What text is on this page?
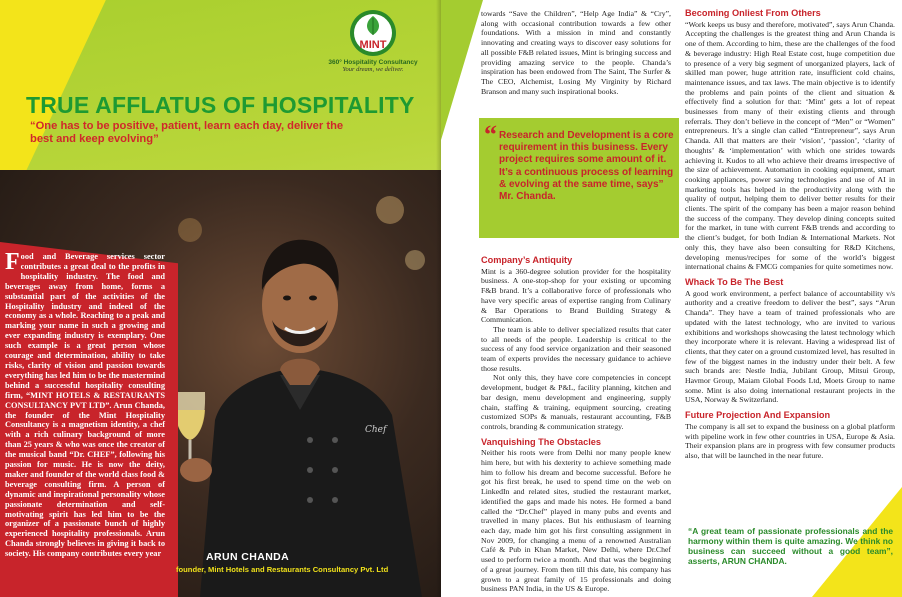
MINT
360° Hospitality Consultancy
Your dream, we deliver.
TRUE AFFLATUS OF HOSPITALITY
“One has to be positive, patient, learn each day, deliver the best and keep evolving”
Chef
Food and Beverage services sector contributes a great deal to the profits in hospitality industry. The food and beverages away from home, forms a substantial part of the activities of the Hospitality industry and indeed of the economy as a whole. Reaching to a peak and marking your name in such a growing and ever expanding industry is exemplary. One such example is a great person whose courage and determination, ability to take risks, clarity of vision and passion towards everything has led him to be the mastermind behind a successful hospitality consulting firm, “MINT HOTELS & RESTAURANTS CONSULTANCY PVT LTD”. Arun Chanda, the founder of the Mint Hospitality Consultancy is a magnetism identity, a chef with a rich culinary background of more than 25 years & who was once the creator of the musical band “Dr. CHEF”, following his passion for music. He is now the deity, maker and founder of the world class food & beverage consulting firm. A person of dynamic and inspirational personality whose passionate determination and self-motivating spirit has led him to be the organizer of a passionate bunch of highly experienced hospitality professionals. Arun Chanda strongly believes in giving it back to society. His company contributes every year	ARUN CHANDA
founder, Mint Hotels and Restaurants Consultancy Pvt. Ltd

towards “Save the Children”, “Help Age India” & “Cry”, along with occasional contribution towards a few other foundations. With a mission in mind and constantly innovating and creating ways to discover easy solutions for all possible F&B related issues, Mint is bringing success and providing amazing service to the people. Chanda’s inspiration has been endowed from The Saint, The Surfer & The CEO, Alchemist, Losing My Virginity by Richard Branson and many such inspirational books.

“ Research and Development is a core requirement in this business. Every project requires some amount of it. It’s a continuous process of learning & evolving at the same time, says” Mr. Chanda.
Company’s Antiquity

Mint is a 360-degree solution provider for the hospitality business. A one-stop-shop for your existing or upcoming F&B brand. It’s a collaborative force of professionals who have very specific areas of expertise ranging from Culinary & Bar Operations to Brand Building Strategy & Communication.

The team is able to deliver specialized results that cater to all needs of the people. Leadership is critical to the success of any food service organization and their seasoned team of experts provides the necessary guidance to achieve those results.

Not only this, they have core competencies in concept development, budget & P&L, facility planning, kitchen and bar design, menu development and engineering, supply chain, staffing & training, equipment sourcing, creating customized SOPs & manuals, restaurant accounting, F&B controls, branding & communication strategy.

Vanquishing The Obstacles

Neither his roots were from Delhi nor many people knew him here, but with his dexterity to achieve something made him to follow his dream and become successful. Before he got his first break, he used to spend time on the web on LinkedIn and related sites, studied the restaurant market, identified the gaps and made his notes. He formed a band called the “Dr.Chef” played in many pubs and events and travelled in many places. But his enthusiasm of learning each day, made him got his first consulting assignment in Nov 2009, for changing a menu of a renowned Australian Café & Pub in Khan Market, New Delhi, where Dr.Chef used to perform twice a month. And that was the beginning of a great journey. From then till this date, his company has grown to a great family of 15 professionals and doing business PAN India, in the US & Europe.

Becoming Onliest From Others

“Work keeps us busy and therefore, motivated”, says Arun Chanda. Accepting the challenges is the greatest thing and Arun Chanda is one of them. According to him, these are the challenges of the food & beverage industry: High Real Estate cost, huge competition due to presence of a very big segment of unorganized players, lack of skilled man power, huge attrition rate, insufficient cold chains, maintenance issues, and tax laws. The main objective is to identify the problems and pain points of the client and situation & effectively find a solution for that: ‘Mint’ gets a lot of repeat businesses from many of their existing clients and through referrals. They don’t believe in the concept of “Men” or “Women” entrepreneurs. It’s a single clan called “Entrepreneur”, says Arun Chanda. All that matters are their ‘vision’, ‘passion’, ‘clarity of thoughts’ & ‘implementation’ with which one strides towards achieving it. Kudos to all who achieve their dreams irrespective of the size of achievement. Automation in cooking equipment, smart cooking appliances, power saving technologies and use of AI in marketing tools has helped in the productivity along with the quality of output, helping them to deliver better results for their clients. The spirit of the company has been a major reason behind the success of the company. They develop dining concepts suited for the market, in tune with current F&B trends and according to the client’s budget, for both Indian & International Markets. Not only this, they have also been consulting for R&D Kitchens, developing menus/recipes for some of the world’s biggest international chains & FMCG companies for quite sometimes now.

Whack To Be The Best

A good work environment, a perfect balance of accountability v/s authority and a creative freedom to deliver the best”, says “Arun Chanda”. They have a team of trained professionals who are updated with the latest technology, who are invited to various exhibitions and workshops showcasing the latest technology which they incorporate where it is relevant. Having a widespread list of clients, that they cater on a ground customized level, has resulted in few of the biggest names in the industry under their belt. A few such brands are: Nestle India, Jubilant Group, Mitsui Group, Havmor Group, Maiam Global Foods Ltd, Moets Group to name some. Mint is also doing international restaurant projects in the USA, Norway & Switzerland.

Future Projection And Expansion

The company is all set to expand the business on a global platform with pipeline work in few other countries in USA, Europe & Asia. Their expansion plans are in progress with few consumer products also, that will be launched in the near future.

“A great team of passionate professionals and the harmony within them is quite amazing. We think no business can succeed without a good team”, asserts, ARUN CHANDA.
